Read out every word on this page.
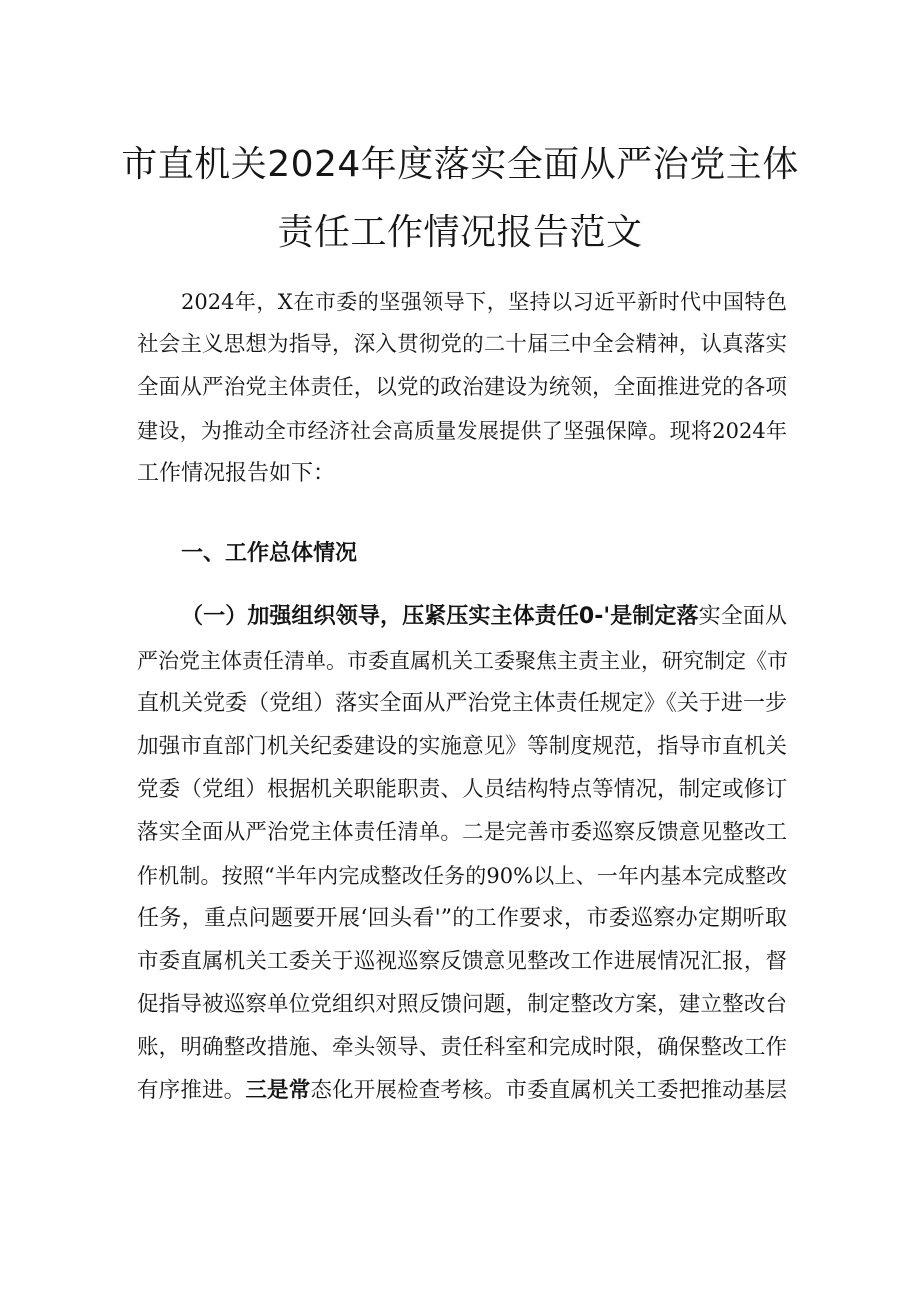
市直机关2024年度落实全面从严治党主体
责任工作情况报告范文
2024年，X在市委的坚强领导下，坚持以习近平新时代中国特色
社会主义思想为指导，深入贯彻党的二十届三中全会精神，认真落实
全面从严治党主体责任，以党的政治建设为统领，全面推进党的各项
建设，为推动全市经济社会高质量发展提供了坚强保障。现将2024年
工作情况报告如下：
一、工作总体情况
（一）加强组织领导，压紧压实主体责任0-'是制定落实全面从
严治党主体责任清单。市委直属机关工委聚焦主责主业，研究制定《市
直机关党委（党组）落实全面从严治党主体责任规定》《关于进一步
加强市直部门机关纪委建设的实施意见》等制度规范，指导市直机关
党委（党组）根据机关职能职责、人员结构特点等情况，制定或修订
落实全面从严治党主体责任清单。二是完善市委巡察反馈意见整改工
作机制。按照“半年内完成整改任务的90%以上、一年内基本完成整改
任务，重点问题要开展‘回头看'”的工作要求，市委巡察办定期听取
市委直属机关工委关于巡视巡察反馈意见整改工作进展情况汇报，督
促指导被巡察单位党组织对照反馈问题，制定整改方案，建立整改台
账，明确整改措施、牵头领导、责任科室和完成时限，确保整改工作
有序推进。三是常态化开展检查考核。市委直属机关工委把推动基层
